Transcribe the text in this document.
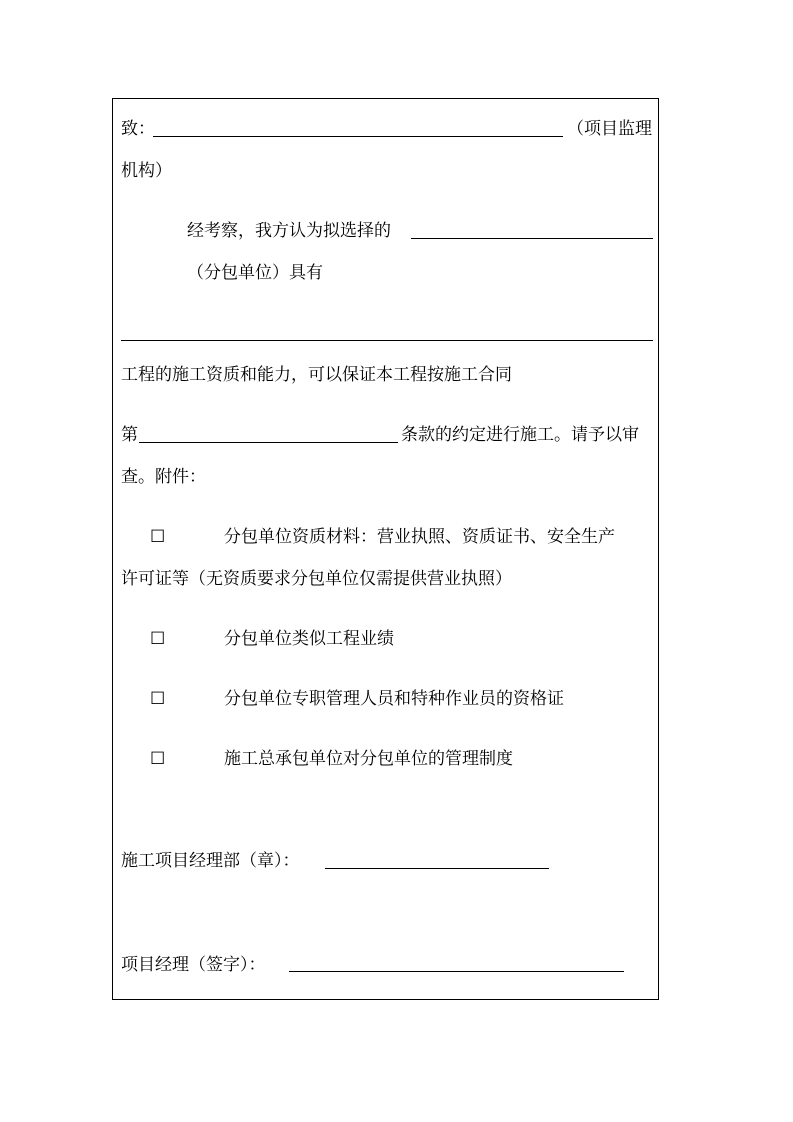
致：	（项目监理
机构）
经考察，我方认为拟选择的
（分包单位）具有
工程的施工资质和能力，可以保证本工程按施工合同
第	条款的约定进行施工。请予以审
查。附件：
☐	分包单位资质材料：营业执照、资质证书、安全生产
许可证等（无资质要求分包单位仅需提供营业执照）
☐	分包单位类似工程业绩
☐	分包单位专职管理人员和特种作业员的资格证
☐	施工总承包单位对分包单位的管理制度
施工项目经理部（章）：
项目经理（签字）：
